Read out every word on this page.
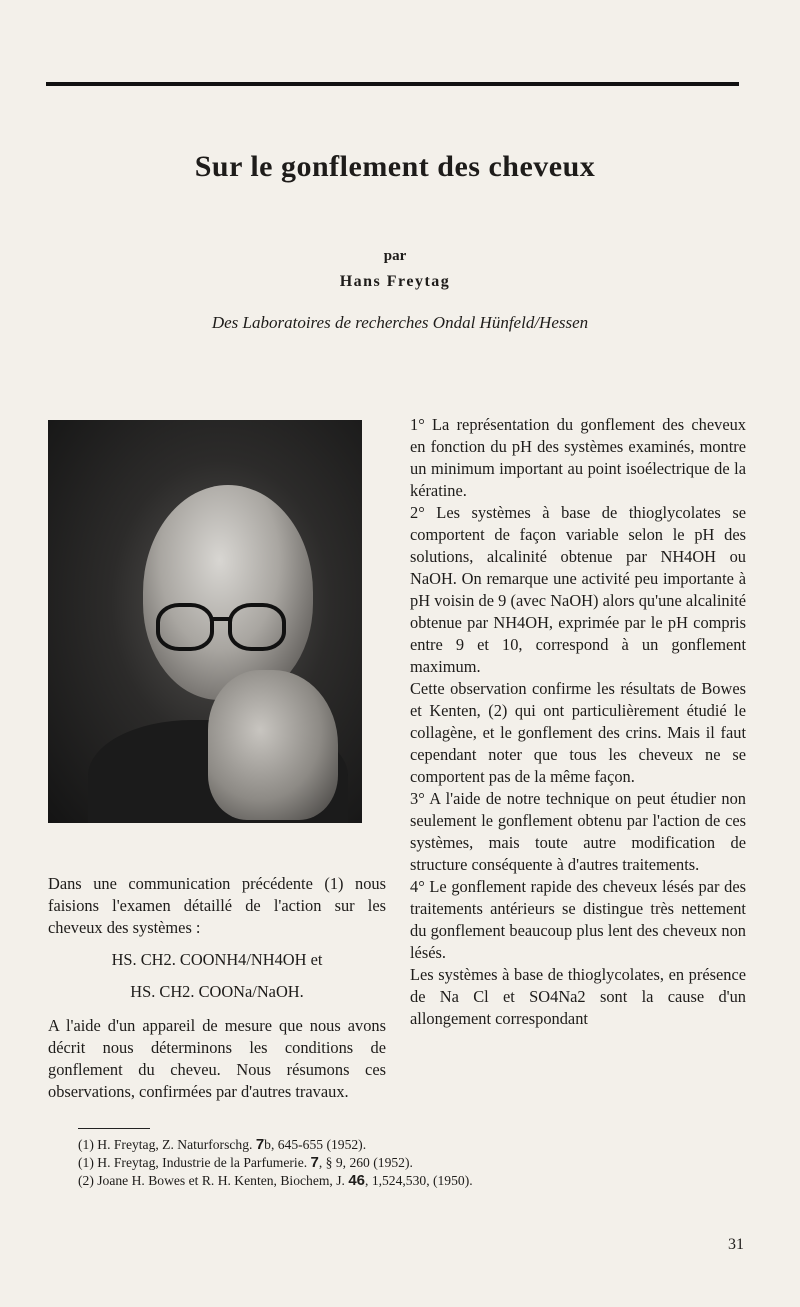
Sur le gonflement des cheveux
par
Hans Freytag
Des Laboratoires de recherches Ondal Hünfeld/Hessen

Dans une communication précédente (1) nous faisions l'examen détaillé de l'action sur les cheveux des systèmes :

HS. CH2. COONH4/NH4OH et

HS. CH2. COONa/NaOH.

A l'aide d'un appareil de mesure que nous avons décrit nous déterminons les conditions de gonflement du cheveu. Nous résumons ces observations, confirmées par d'autres travaux.

1° La représentation du gonflement des cheveux en fonction du pH des systèmes examinés, montre un minimum important au point isoélectrique de la kératine.

2° Les systèmes à base de thioglycolates se comportent de façon variable selon le pH des solutions, alcalinité obtenue par NH4OH ou NaOH. On remarque une activité peu importante à pH voisin de 9 (avec NaOH) alors qu'une alcalinité obtenue par NH4OH, exprimée par le pH compris entre 9 et 10, correspond à un gonflement maximum.

Cette observation confirme les résultats de Bowes et Kenten, (2) qui ont particulièrement étudié le collagène, et le gonflement des crins. Mais il faut cependant noter que tous les cheveux ne se comportent pas de la même façon.

3° A l'aide de notre technique on peut étudier non seulement le gonflement obtenu par l'action de ces systèmes, mais toute autre modification de structure conséquente à d'autres traitements.

4° Le gonflement rapide des cheveux lésés par des traitements antérieurs se distingue très nettement du gonflement beaucoup plus lent des cheveux non lésés.

Les systèmes à base de thioglycolates, en présence de Na Cl et SO4Na2 sont la cause d'un allongement correspondant

(1) H. Freytag, Z. Naturforschg. 7b, 645-655 (1952).
(1) H. Freytag, Industrie de la Parfumerie. 7, § 9, 260 (1952).
(2) Joane H. Bowes et R. H. Kenten, Biochem, J. 46, 1,524,530, (1950).
31
